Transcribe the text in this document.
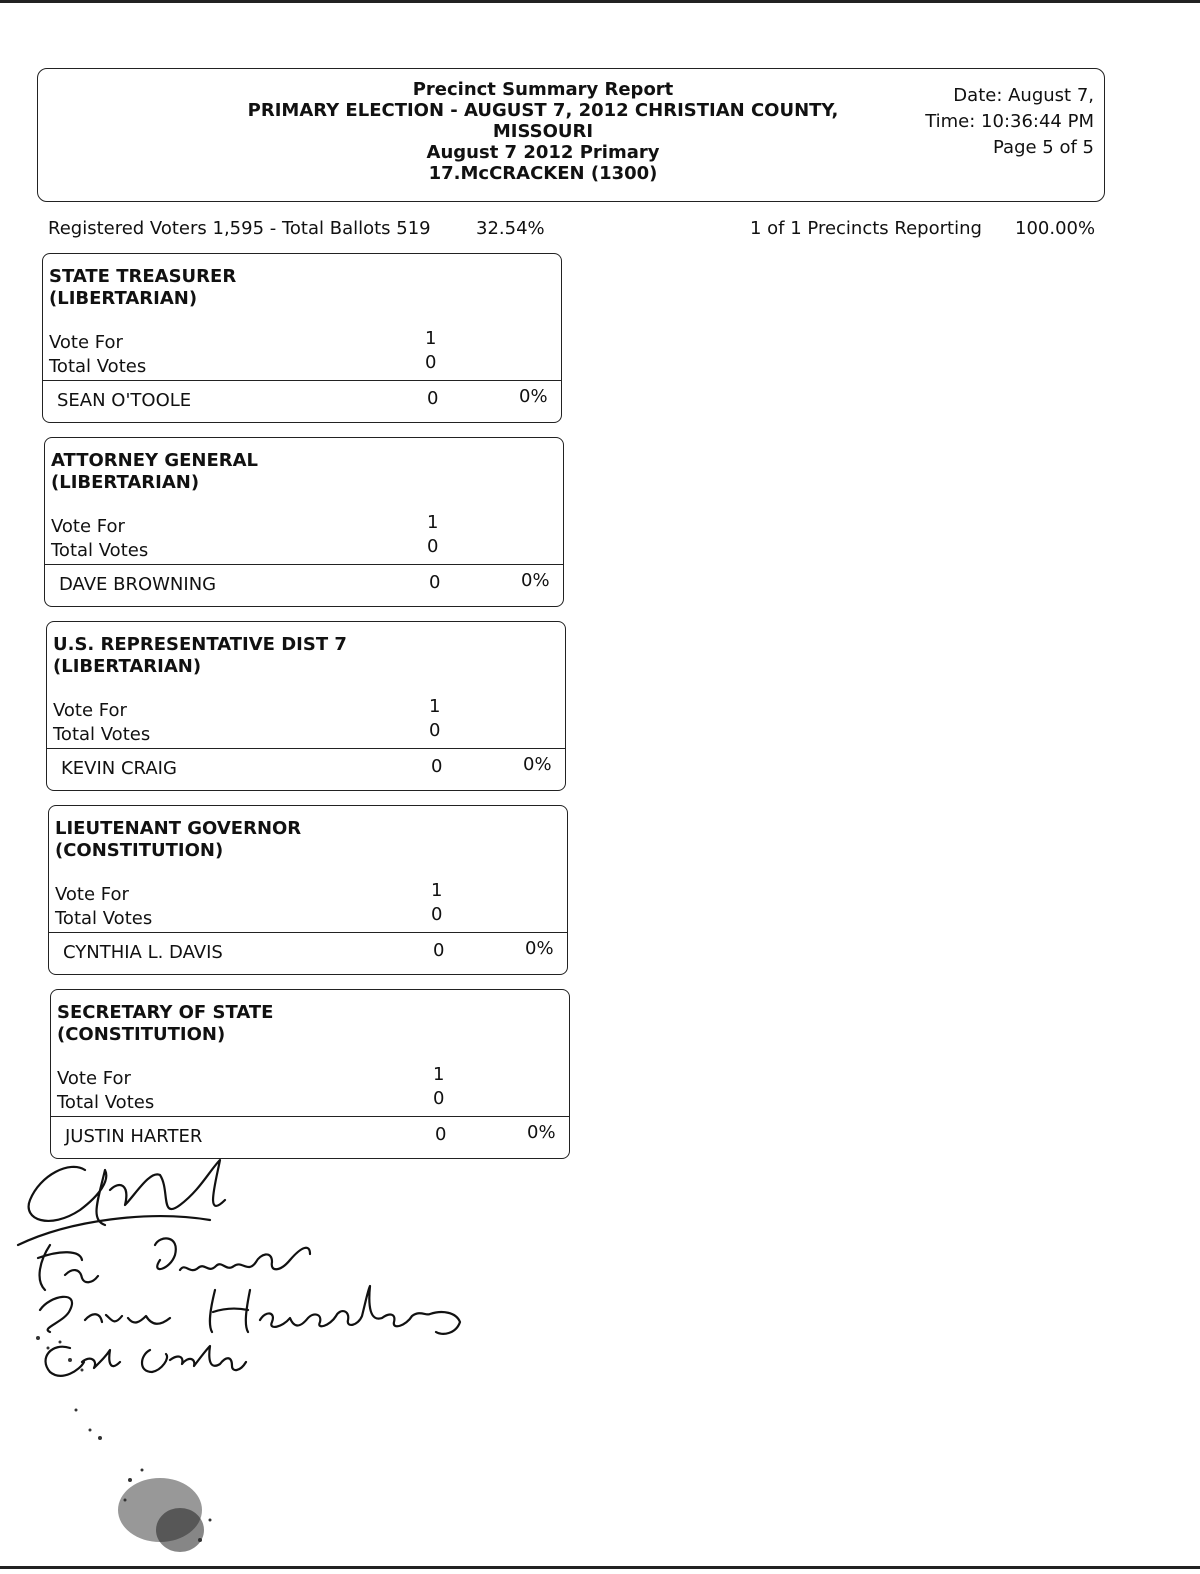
Precinct Summary Report
PRIMARY ELECTION - AUGUST 7, 2012 CHRISTIAN COUNTY,
MISSOURI
August 7 2012 Primary
17.McCRACKEN (1300)
Date: August 7,
Time: 10:36:44 PM
Page 5 of 5
Registered Voters 1,595 - Total Ballots 519	32.54%	1 of 1 Precincts Reporting 100.00%
STATE TREASURER
(LIBERTARIAN)
Vote For	1
Total Votes	0
SEAN O'TOOLE	0	0%
ATTORNEY GENERAL
(LIBERTARIAN)
Vote For	1
Total Votes	0
DAVE BROWNING	0	0%
U.S. REPRESENTATIVE DIST 7
(LIBERTARIAN)
Vote For	1
Total Votes	0
KEVIN CRAIG	0	0%
LIEUTENANT GOVERNOR
(CONSTITUTION)
Vote For	1
Total Votes	0
CYNTHIA L. DAVIS	0	0%
SECRETARY OF STATE
(CONSTITUTION)
Vote For	1
Total Votes	0
JUSTIN HARTER	0	0%
